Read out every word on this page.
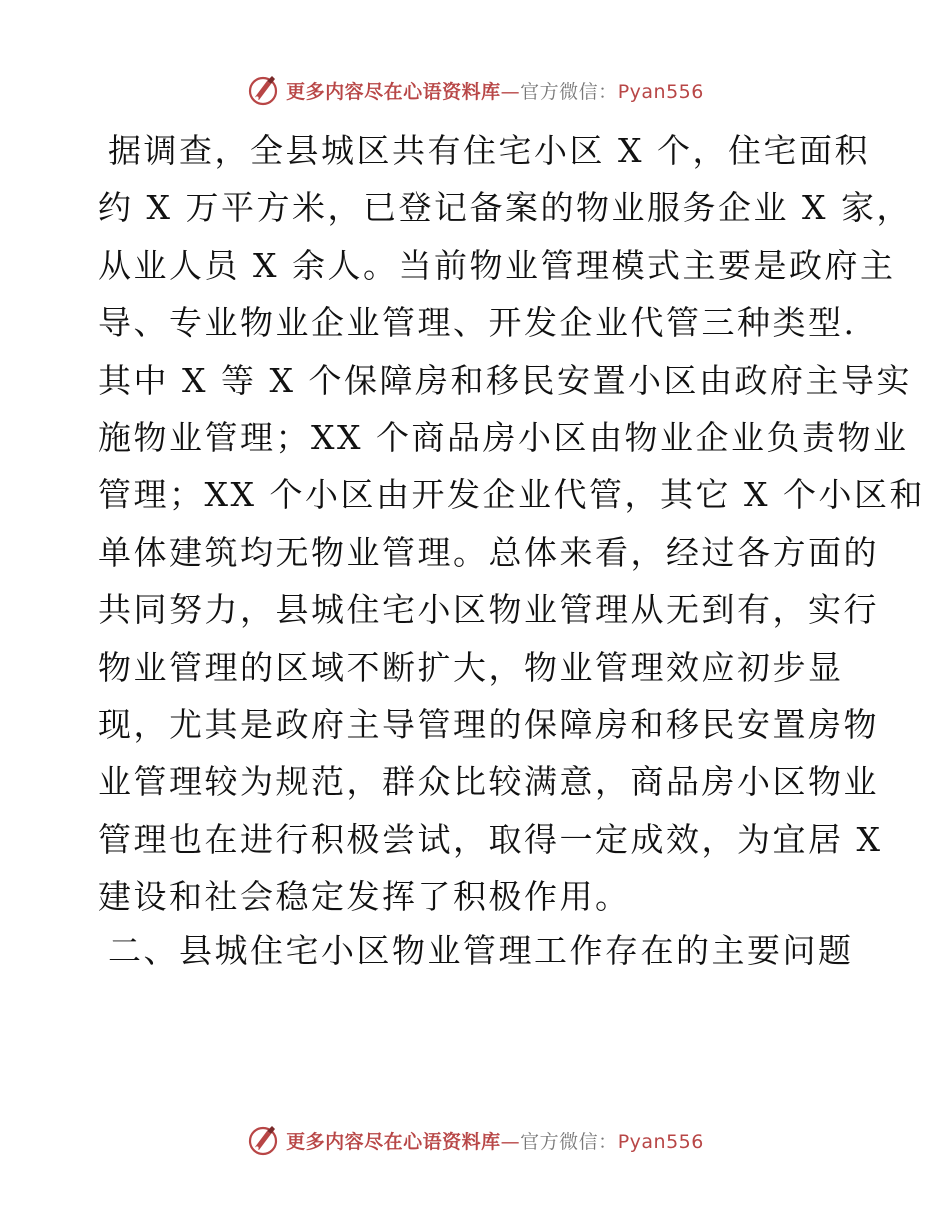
更多内容尽在心语资料库—官方微信：Pyan556
据调查，全县城区共有住宅小区 X 个，住宅面积
约 X 万平方米，已登记备案的物业服务企业 X 家，
从业人员 X 余人。当前物业管理模式主要是政府主
导、专业物业企业管理、开发企业代管三种类型.
其中 X 等 X 个保障房和移民安置小区由政府主导实
施物业管理；XX 个商品房小区由物业企业负责物业
管理；XX 个小区由开发企业代管，其它 X 个小区和
单体建筑均无物业管理。总体来看，经过各方面的
共同努力，县城住宅小区物业管理从无到有，实行
物业管理的区域不断扩大，物业管理效应初步显
现，尤其是政府主导管理的保障房和移民安置房物
业管理较为规范，群众比较满意，商品房小区物业
管理也在进行积极尝试，取得一定成效，为宜居 X
建设和社会稳定发挥了积极作用。
二、县城住宅小区物业管理工作存在的主要问题
更多内容尽在心语资料库—官方微信：Pyan556
